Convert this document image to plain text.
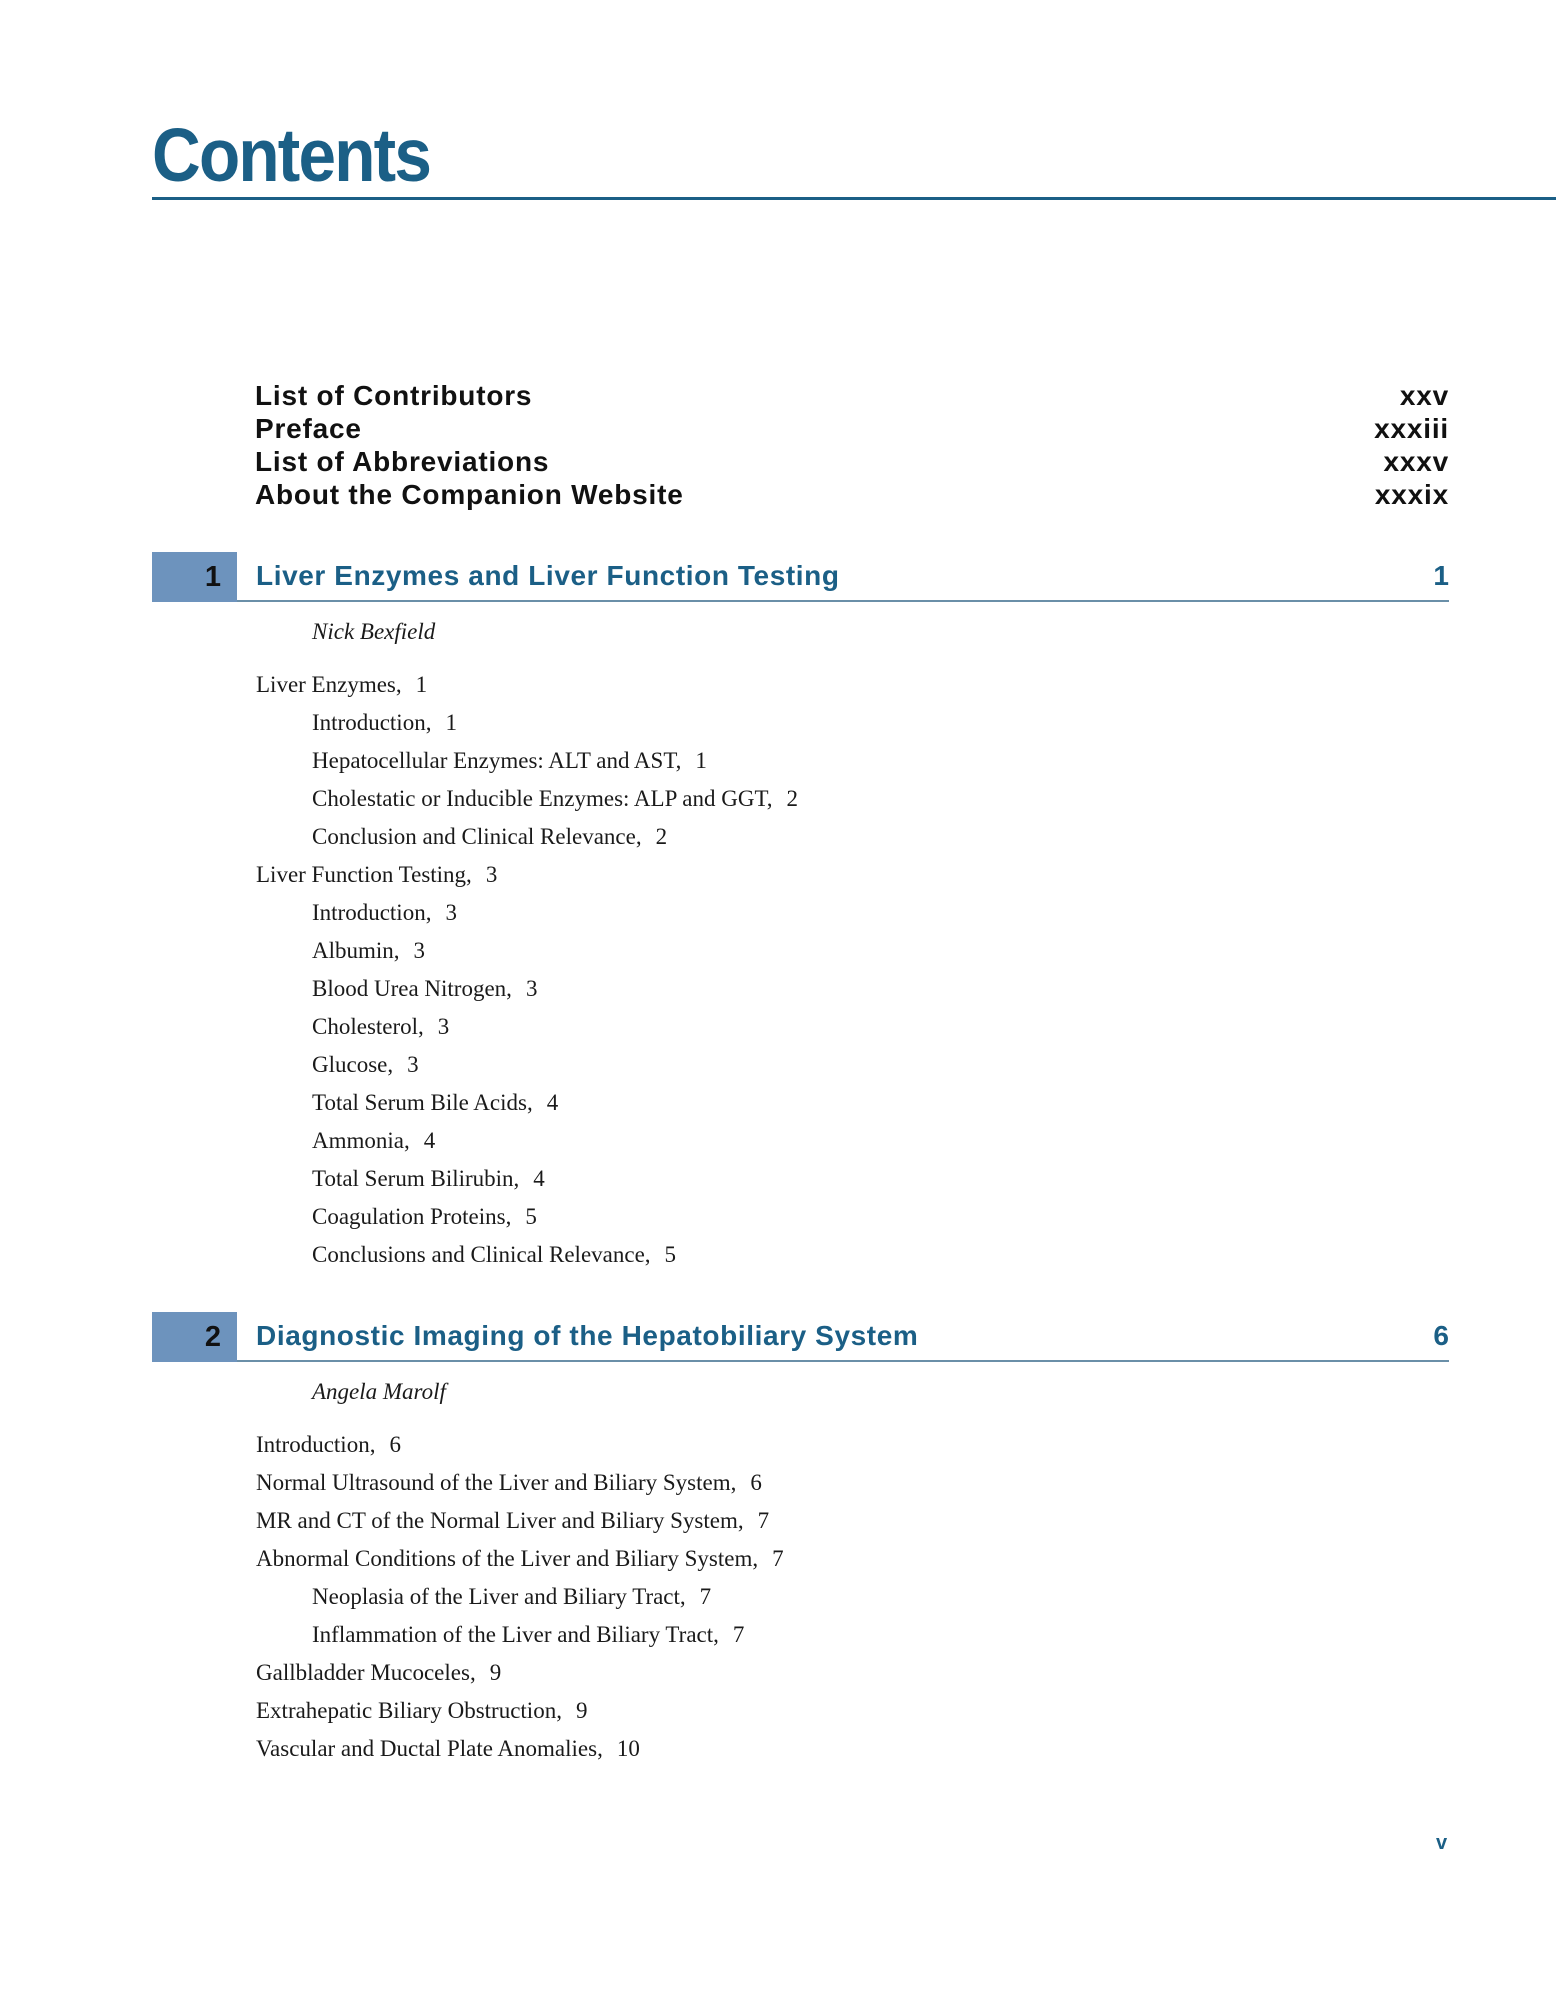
Contents
List of Contributors	xxv
Preface	xxxiii
List of Abbreviations	xxxv
About the Companion Website	xxxix
1	Liver Enzymes and Liver Function Testing	1
Nick Bexfield
Liver Enzymes, 1
Introduction, 1
Hepatocellular Enzymes: ALT and AST, 1
Cholestatic or Inducible Enzymes: ALP and GGT, 2
Conclusion and Clinical Relevance, 2
Liver Function Testing, 3
Introduction, 3
Albumin, 3
Blood Urea Nitrogen, 3
Cholesterol, 3
Glucose, 3
Total Serum Bile Acids, 4
Ammonia, 4
Total Serum Bilirubin, 4
Coagulation Proteins, 5
Conclusions and Clinical Relevance, 5
2	Diagnostic Imaging of the Hepatobiliary System	6
Angela Marolf
Introduction, 6
Normal Ultrasound of the Liver and Biliary System, 6
MR and CT of the Normal Liver and Biliary System, 7
Abnormal Conditions of the Liver and Biliary System, 7
Neoplasia of the Liver and Biliary Tract, 7
Inflammation of the Liver and Biliary Tract, 7
Gallbladder Mucoceles, 9
Extrahepatic Biliary Obstruction, 9
Vascular and Ductal Plate Anomalies, 10
v
